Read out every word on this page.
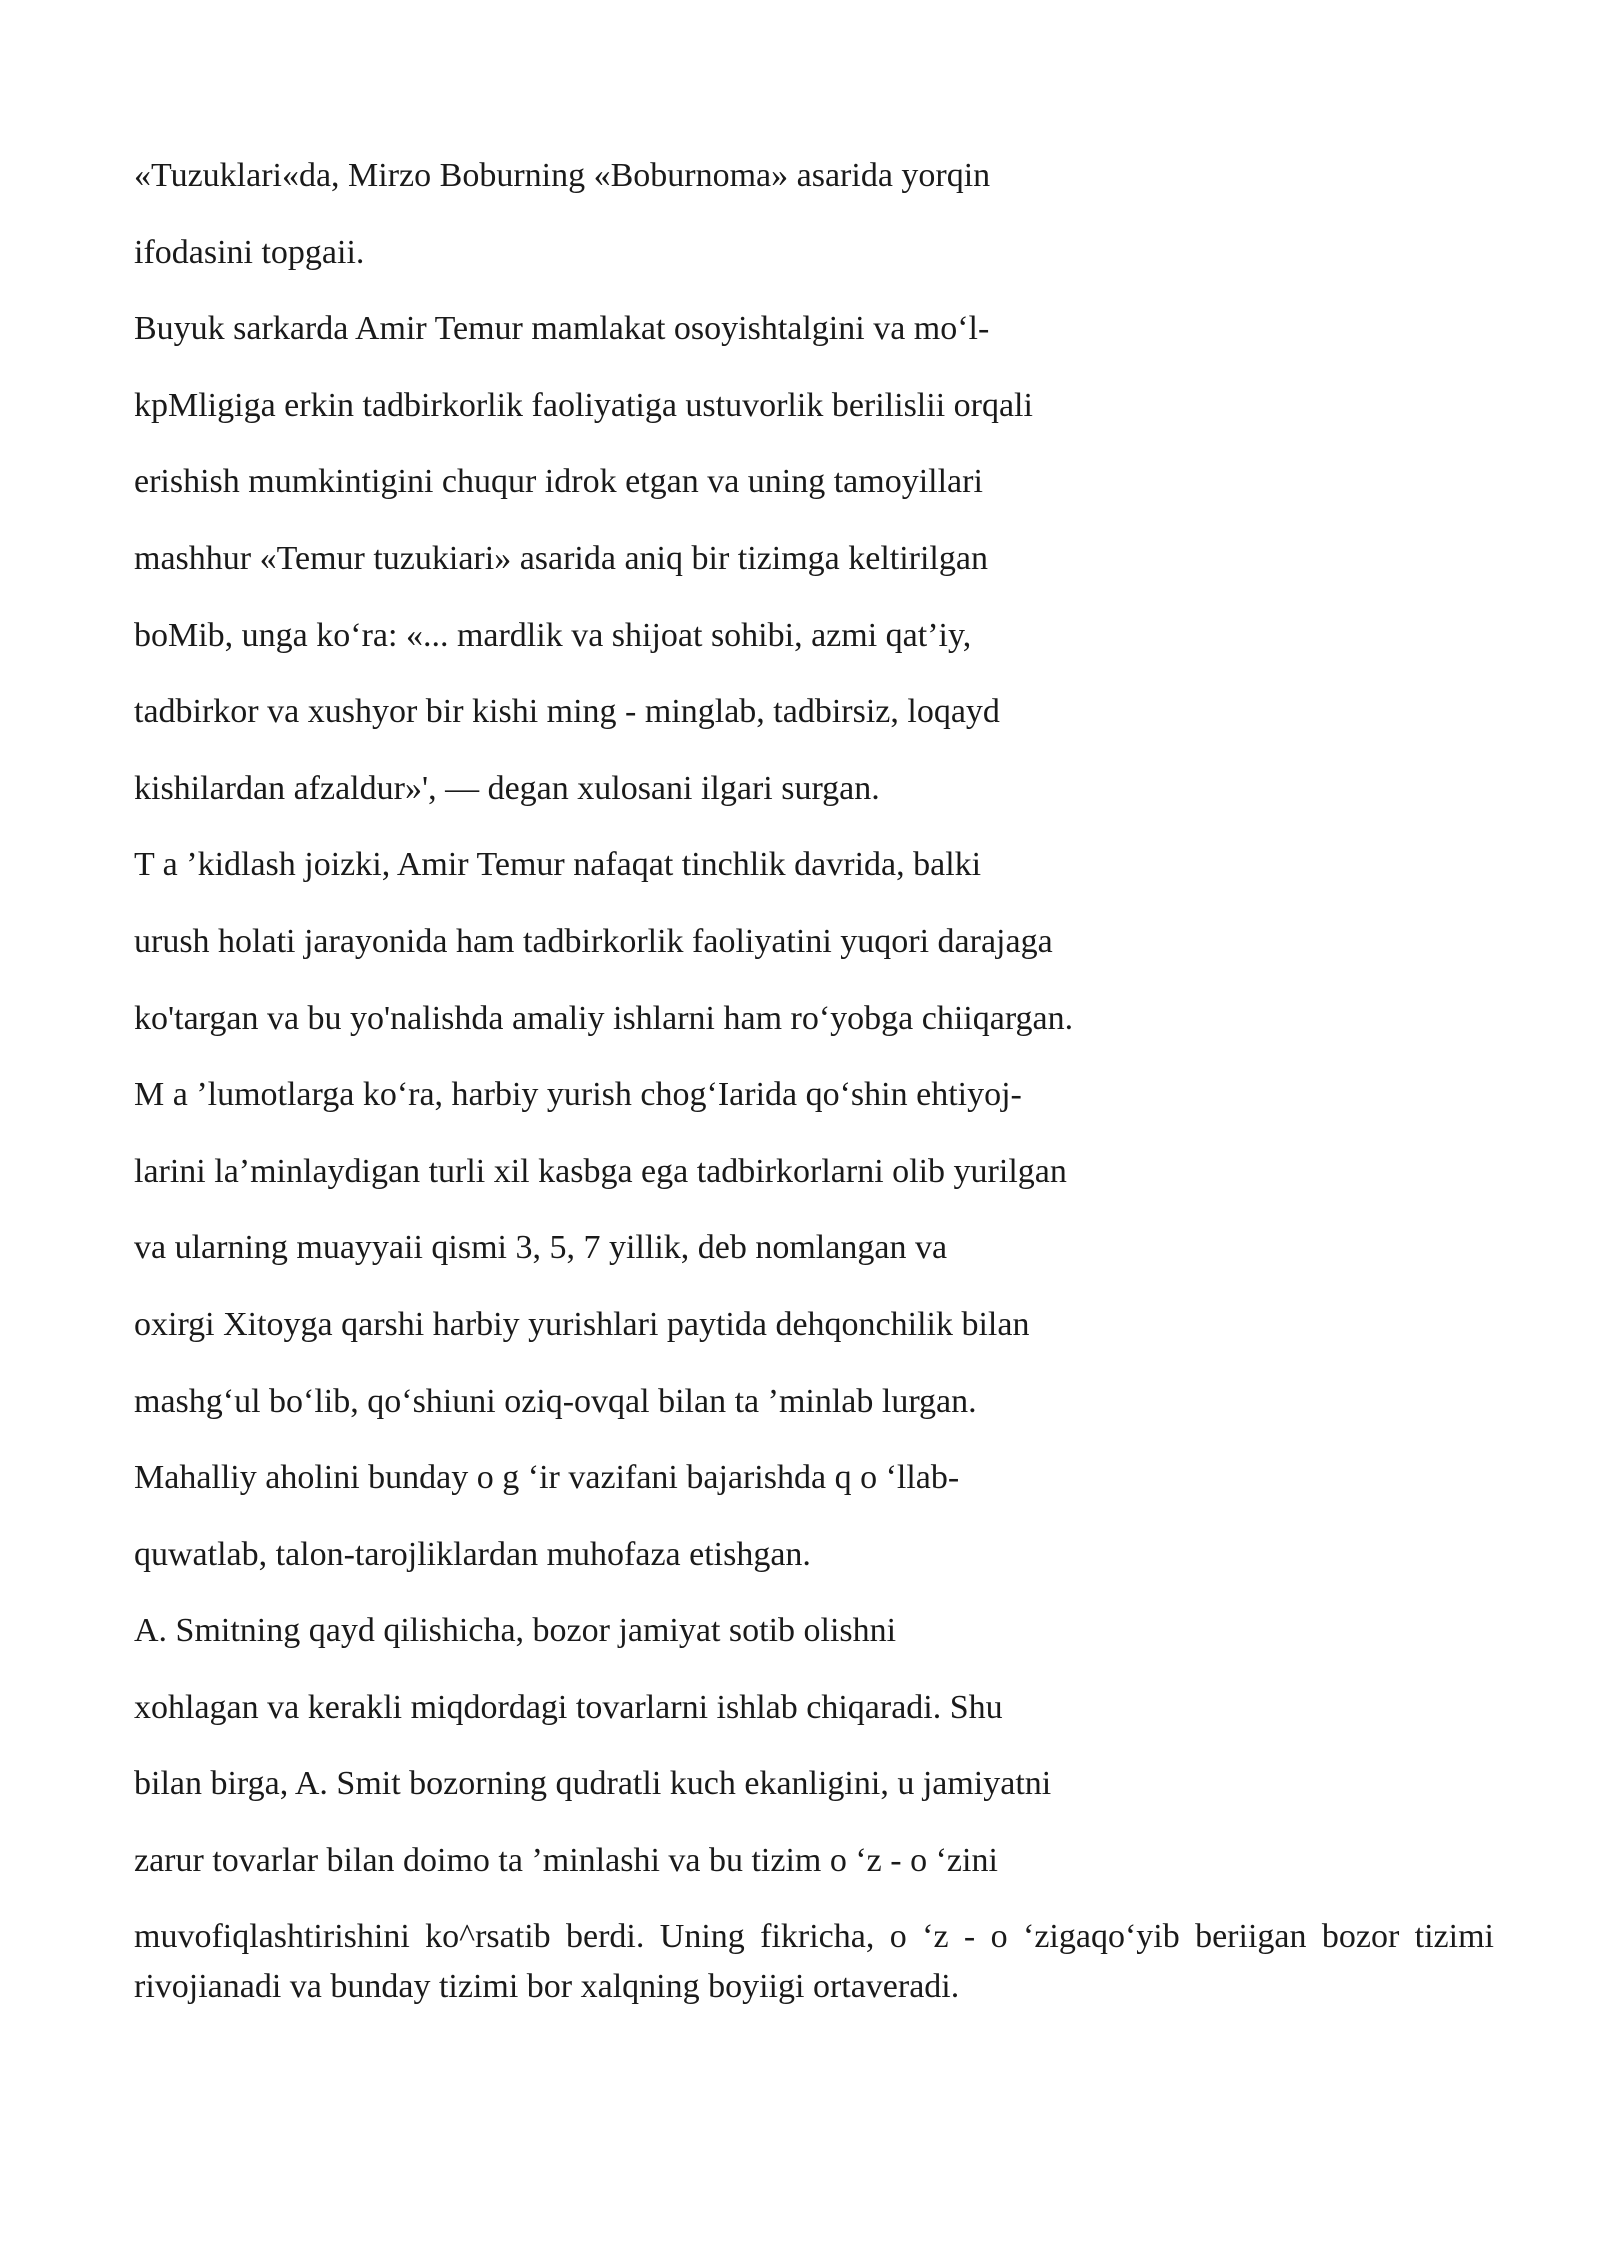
«Tuzuklari«da, Mirzo Boburning «Boburnoma» asarida yorqin
ifodasini topgaii.
Buyuk sarkarda Amir Temur mamlakat osoyishtalgini va mo‘l-
kpMligiga erkin tadbirkorlik faoliyatiga ustuvorlik berilislii orqali
erishish mumkintigini chuqur idrok etgan va uning tamoyillari
mashhur «Temur tuzukiari» asarida aniq bir tizimga keltirilgan
boMib, unga ko‘ra: «... mardlik va shijoat sohibi, azmi qat’iy,
tadbirkor va xushyor bir kishi ming - minglab, tadbirsiz, loqayd
kishilardan afzaldur»', — degan xulosani ilgari surgan.
T a ’kidlash joizki, Amir Temur nafaqat tinchlik davrida, balki
urush holati jarayonida ham tadbirkorlik faoliyatini yuqori darajaga
ko'targan va bu yo'nalishda amaliy ishlarni ham ro‘yobga chiiqargan.
M a ’lumotlarga ko‘ra, harbiy yurish chog‘Iarida qo‘shin ehtiyoj-
larini la’minlaydigan turli xil kasbga ega tadbirkorlarni olib yurilgan
va ularning muayyaii qismi 3, 5, 7 yillik, deb nomlangan va
oxirgi Xitoyga qarshi harbiy yurishlari paytida dehqonchilik bilan
mashg‘ul bo‘lib, qo‘shiuni oziq-ovqal bilan ta ’minlab lurgan.
Mahalliy aholini bunday o g ‘ir vazifani bajarishda q o ‘llab-
quwatlab, talon-tarojliklardan muhofaza etishgan.
A. Smitning qayd qilishicha, bozor jamiyat sotib olishni
xohlagan va kerakli miqdordagi tovarlarni ishlab chiqaradi. Shu
bilan birga, A. Smit bozorning qudratli kuch ekanligini, u jamiyatni
zarur tovarlar bilan doimo ta ’minlashi va bu tizim o ‘z - o ‘zini
muvofiqlashtirishini ko^rsatib berdi. Uning fikricha, o ‘z - o ‘zigaqo‘yib beriigan bozor tizimi rivojianadi va bunday tizimi bor xalqning boyiigi ortaveradi.
